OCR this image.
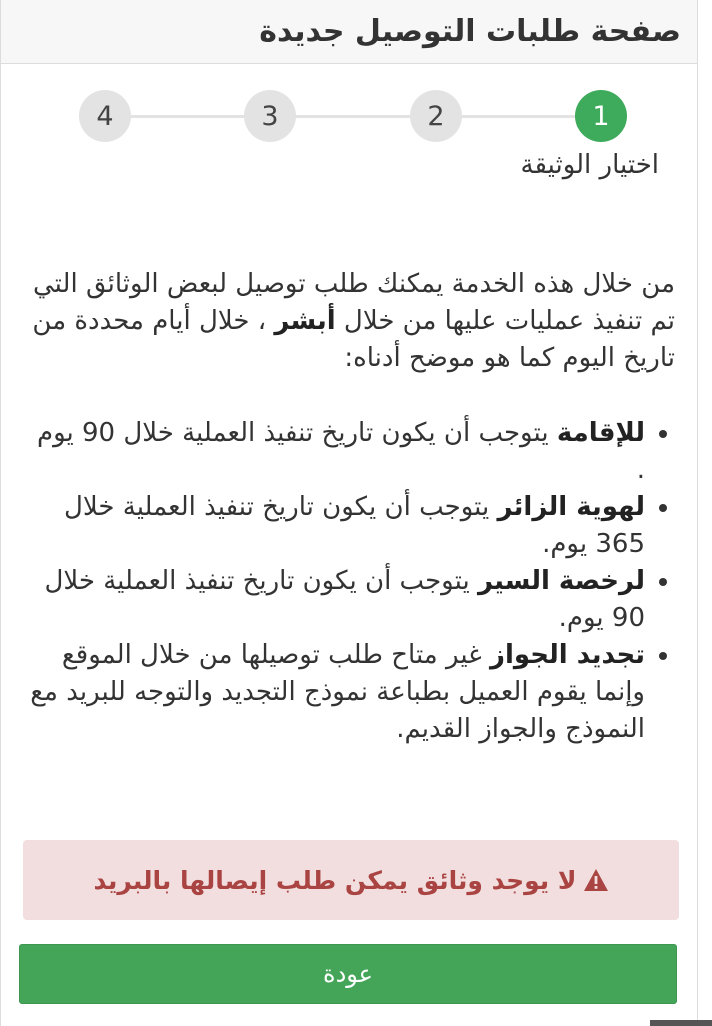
صفحة طلبات التوصيل جديدة
1
2
3
4
اختيار الوثيقة

من خلال هذه الخدمة يمكنك طلب توصيل لبعض الوثائق التي تم تنفيذ عمليات عليها من خلال أبشر ، خلال أيام محددة من تاريخ اليوم كما هو موضح أدناه:

• للإقامة يتوجب أن يكون تاريخ تنفيذ العملية خلال 90 يوم .
• لهوية الزائر يتوجب أن يكون تاريخ تنفيذ العملية خلال 365 يوم.
• لرخصة السير يتوجب أن يكون تاريخ تنفيذ العملية خلال 90 يوم.
• تجديد الجواز غير متاح طلب توصيلها من خلال الموقع وإنما يقوم العميل بطباعة نموذج التجديد والتوجه للبريد مع النموذج والجواز القديم.
لا يوجد وثائق يمكن طلب إيصالها بالبريد
عودة
